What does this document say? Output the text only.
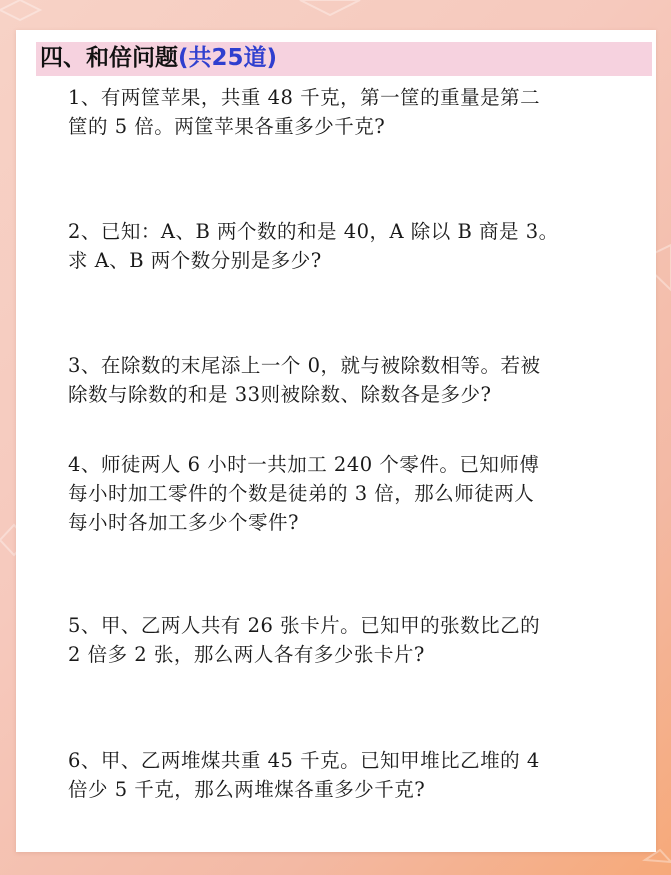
四、和倍问题(共25道)
1、有两筐苹果，共重 48 千克，第一筐的重量是第二
筐的 5 倍。两筐苹果各重多少千克?
2、已知：A、B 两个数的和是 40，A 除以 B 商是 3。
求 A、B 两个数分别是多少?
3、在除数的末尾添上一个 0，就与被除数相等。若被
除数与除数的和是 33则被除数、除数各是多少?
4、师徒两人 6 小时一共加工 240 个零件。已知师傅
每小时加工零件的个数是徒弟的 3 倍，那么师徒两人
每小时各加工多少个零件?
5、甲、乙两人共有 26 张卡片。已知甲的张数比乙的
2 倍多 2 张，那么两人各有多少张卡片?
6、甲、乙两堆煤共重 45 千克。已知甲堆比乙堆的 4
倍少 5 千克，那么两堆煤各重多少千克?
